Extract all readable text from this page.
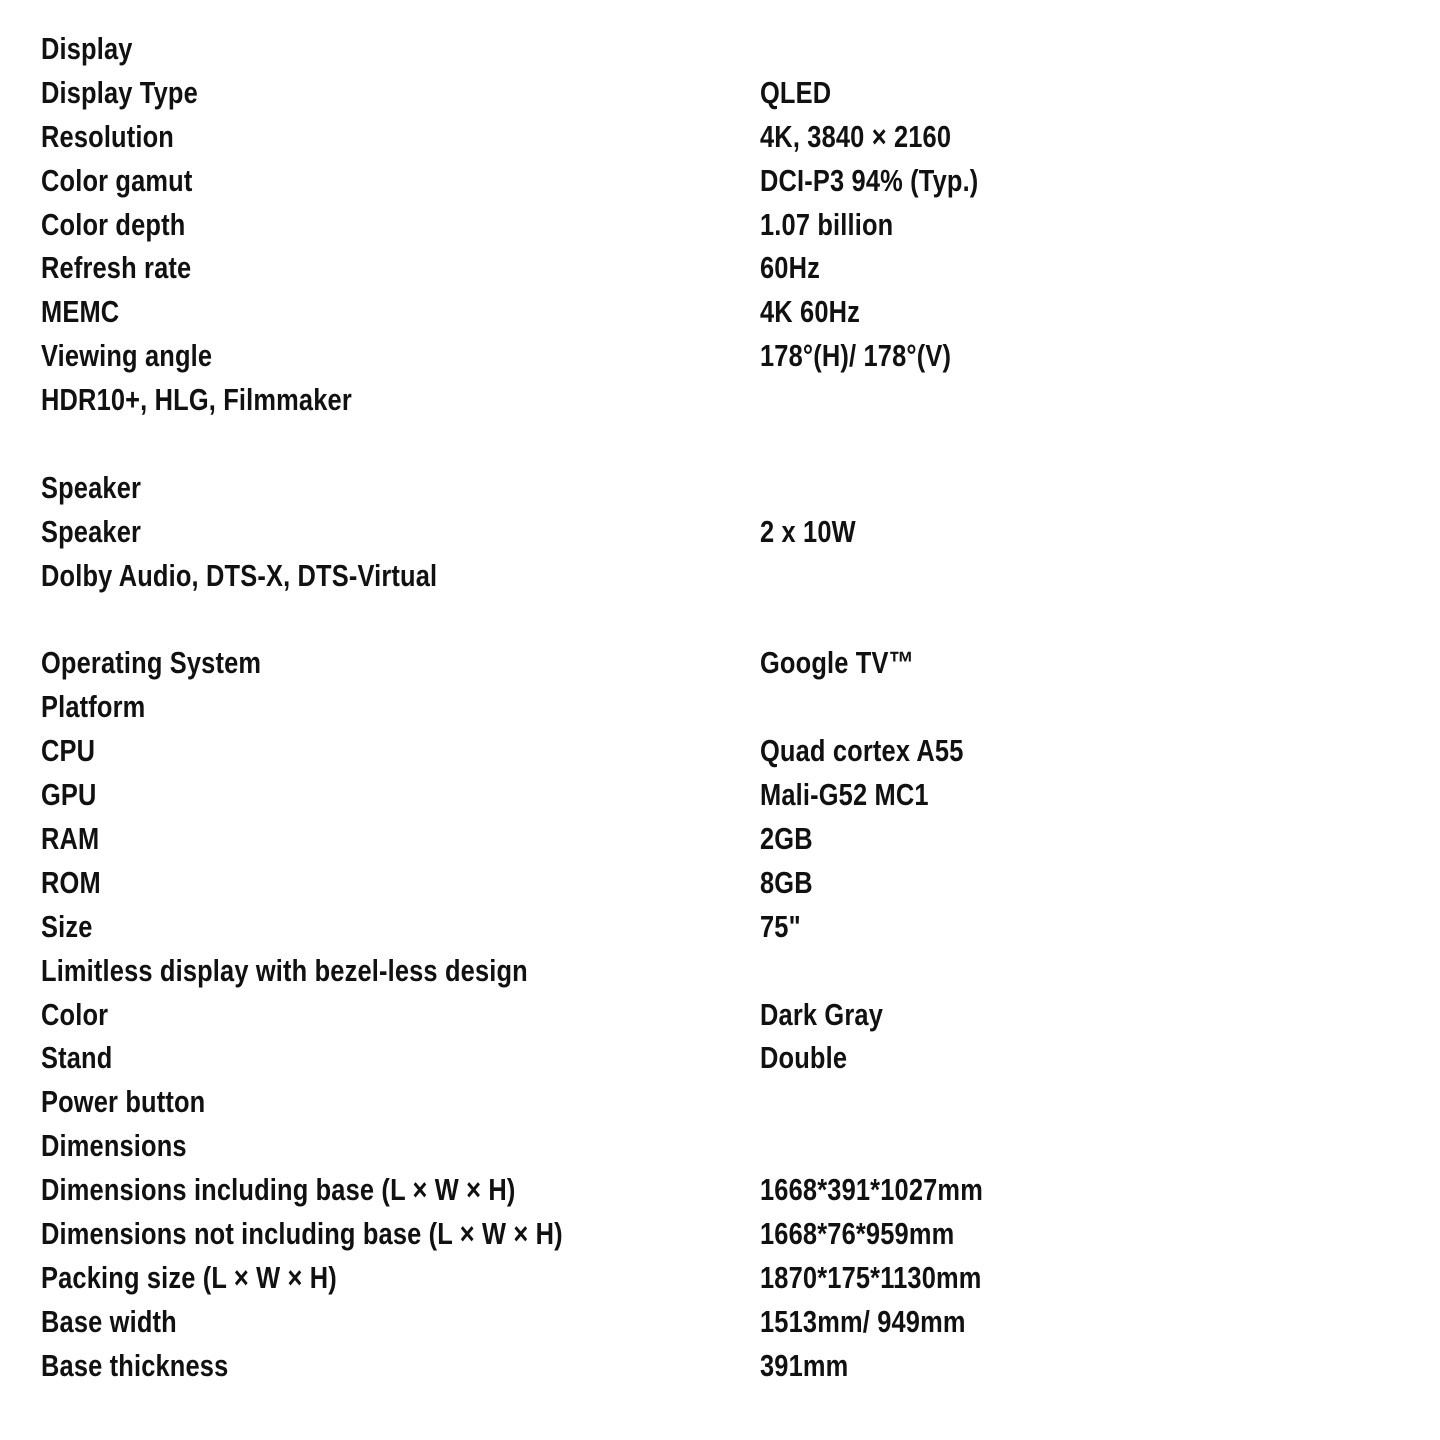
Display
Display Type	QLED
Resolution	4K, 3840 × 2160
Color gamut	DCI-P3 94% (Typ.)
Color depth	1.07 billion
Refresh rate	60Hz
MEMC	4K 60Hz
Viewing angle	178°(H)/ 178°(V)
HDR10+, HLG, Filmmaker
Speaker
Speaker	2 x 10W
Dolby Audio, DTS-X, DTS-Virtual
Operating System	Google TV™
Platform
CPU	Quad cortex A55
GPU	Mali-G52 MC1
RAM	2GB
ROM	8GB
Size	75"
Limitless display with bezel-less design
Color	Dark Gray
Stand	Double
Power button
Dimensions
Dimensions including base (L × W × H)	1668*391*1027mm
Dimensions not including base (L × W × H)	1668*76*959mm
Packing size (L × W × H)	1870*175*1130mm
Base width	1513mm/ 949mm
Base thickness	391mm
